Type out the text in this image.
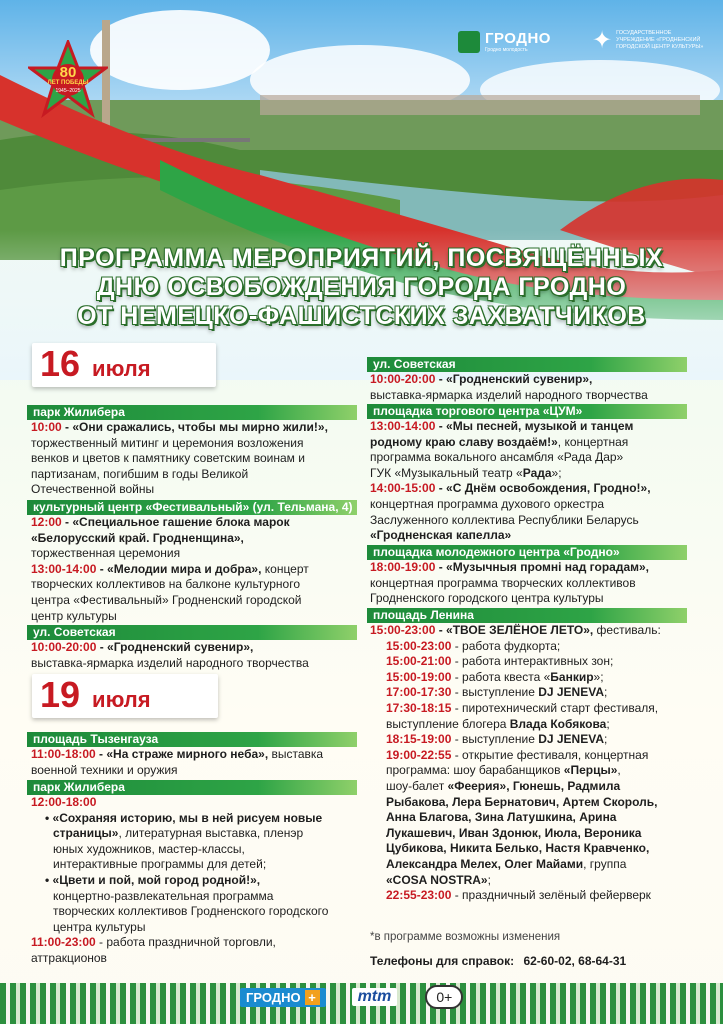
80
ЛЕТ ПОБЕДЫ
1945–2025
ГРОДНО
Гродно молодость	✦ ГОСУДАРСТВЕННОЕ УЧРЕЖДЕНИЕ «ГРОДНЕНСКИЙ ГОРОДСКОЙ ЦЕНТР КУЛЬТУРЫ»
ПРОГРАММА МЕРОПРИЯТИЙ, ПОСВЯЩЁННЫХ
ДНЮ ОСВОБОЖДЕНИЯ ГОРОДА ГРОДНО
ОТ НЕМЕЦКО-ФАШИСТСКИХ ЗАХВАТЧИКОВ
16 июля
парк Жилибера
10:00 - «Они сражались, чтобы мы мирно жили!»,
торжественный митинг и церемония возложения
венков и цветов к памятнику советским воинам и
партизанам, погибшим в годы Великой
Отечественной войны
культурный центр «Фестивальный» (ул. Тельмана, 4)
12:00 - «Специальное гашение блока марок
«Белорусский край. Гродненщина»,
торжественная церемония
13:00-14:00 - «Мелодии мира и добра», концерт
творческих коллективов на балконе культурного
центра «Фестивальный» Гродненский городской
центр культуры
ул. Советская
10:00-20:00 - «Гродненский сувенир»,
выставка-ярмарка изделий народного творчества
19 июля
площадь Тызенгауза
11:00-18:00 - «На страже мирного неба», выставка
военной техники и оружия
парк Жилибера
12:00-18:00
• «Сохраняя историю, мы в ней рисуем новые
страницы», литературная выставка, пленэр
юных художников, мастер-классы,
интерактивные программы для детей;
• «Цвети и пой, мой город родной!»,
концертно-развлекательная программа
творческих коллективов Гродненского городского
центра культуры
11:00-23:00 - работа праздничной торговли,
аттракционов
ул. Советская
10:00-20:00 - «Гродненский сувенир»,
выставка-ярмарка изделий народного творчества
площадка торгового центра «ЦУМ»
13:00-14:00 - «Мы песней, музыкой и танцем
родному краю славу воздаём!», концертная
программа вокального ансамбля «Рада Дар»
ГУК «Музыкальный театр «Рада»;
14:00-15:00 - «С Днём освобождения, Гродно!»,
концертная программа духового оркестра
Заслуженного коллектива Республики Беларусь
«Гродненская капелла»
площадка молодежного центра «Гродно»
18:00-19:00 - «Музычныя промні над горадам»,
концертная программа творческих коллективов
Гродненского городского центра культуры
площадь Ленина
15:00-23:00 - «ТВОЕ ЗЕЛЁНОЕ ЛЕТО», фестиваль:
15:00-23:00 - работа фудкорта;
15:00-21:00 - работа интерактивных зон;
15:00-19:00 - работа квеста «Банкир»;
17:00-17:30 - выступление DJ JENEVA;
17:30-18:15 - пиротехнический старт фестиваля,
выступление блогера Влада Кобякова;
18:15-19:00 - выступление DJ JENEVA;
19:00-22:55 - открытие фестиваля, концертная
программа: шоу барабанщиков «Перцы»,
шоу-балет «Феерия», Гюнешь, Радмила
Рыбакова, Лера Бернатович, Артем Скороль,
Анна Благова, Зина Латушкина, Арина
Лукашевич, Иван Здонюк, Июла, Вероника
Цубикова, Никита Белько, Настя Кравченко,
Александра Мелех, Олег Майами, группа
«COSA NOSTRA»;
22:55-23:00 - праздничный зелёный фейерверк
*в программе возможны изменения
Телефоны для справок: 62-60-02, 68-64-31
ГРОДНО +	mtm	0+
